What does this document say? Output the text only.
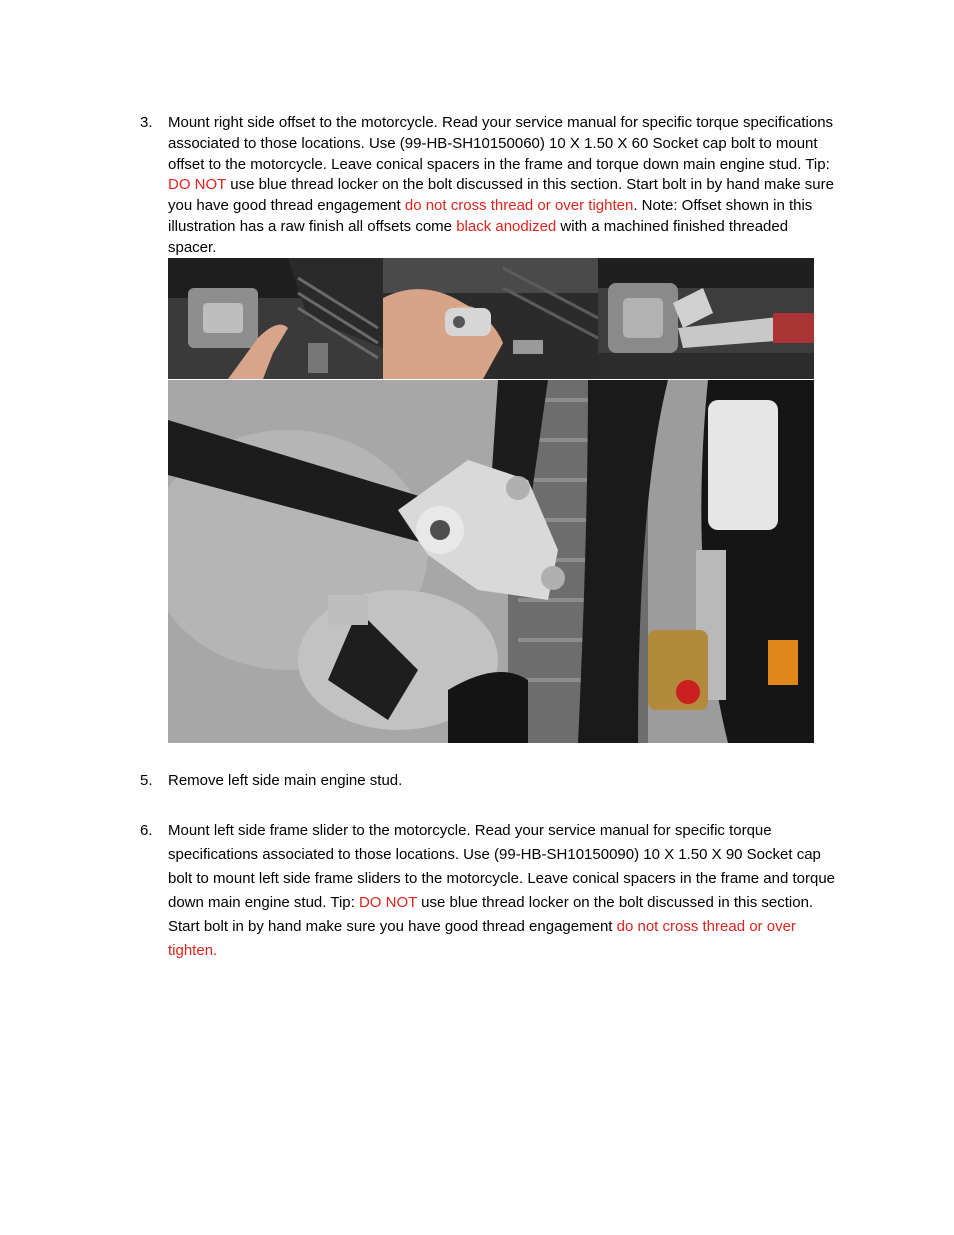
3. Mount right side offset to the motorcycle. Read your service manual for specific torque specifications associated to those locations. Use (99-HB-SH10150060) 10 X 1.50 X 60 Socket cap bolt to mount offset to the motorcycle. Leave conical spacers in the frame and torque down main engine stud. Tip: DO NOT use blue thread locker on the bolt discussed in this section. Start bolt in by hand make sure you have good thread engagement do not cross thread or over tighten. Note: Offset shown in this illustration has a raw finish all offsets come black anodized with a machined finished threaded spacer.
5. Remove left side main engine stud.
6. Mount left side frame slider to the motorcycle. Read your service manual for specific torque specifications associated to those locations. Use (99-HB-SH10150090) 10 X 1.50 X 90 Socket cap bolt to mount left side frame sliders to the motorcycle. Leave conical spacers in the frame and torque down main engine stud. Tip: DO NOT use blue thread locker on the bolt discussed in this section. Start bolt in by hand make sure you have good thread engagement do not cross thread or over tighten.
